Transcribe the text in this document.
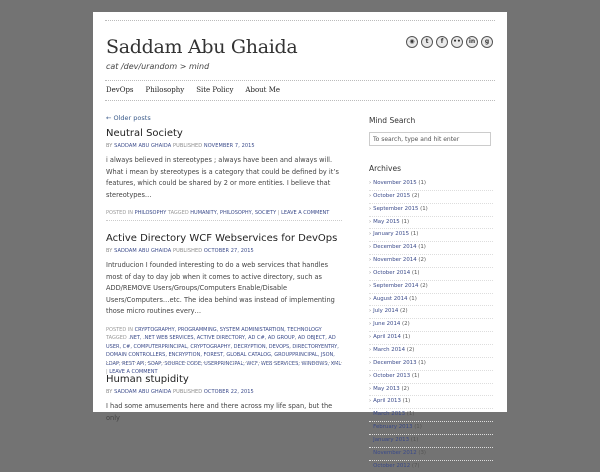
Saddam Abu Ghaida
cat /dev/urandom > mind
◉	t	f	••	in	g
DevOps Philosophy Site Policy About Me
← Older posts
Neutral Society
BY SADDAM ABU GHAIDA PUBLISHED NOVEMBER 7, 2015

i always believed in stereotypes ; always have been and always will. What i mean by stereotypes is a category that could be defined by it’s features, which could be shared by 2 or more entities. I believe that stereotypes…

POSTED IN PHILOSOPHY TAGGED HUMANITY, PHILOSOPHY, SOCIETY | LEAVE A COMMENT
Active Directory WCF Webservices for DevOps
BY SADDAM ABU GHAIDA PUBLISHED OCTOBER 27, 2015

Intruducion I founded interesting to do a web services that handles most of day to day job when it comes to active directory, such as ADD/REMOVE Users/Groups/Computers Enable/Disable Users/Computers…etc. The idea behind was instead of implementing those micro routines every…

POSTED IN CRYPTOGRAPHY, PROGRAMMING, SYSTEM ADMINISTARTION, TECHNOLOGY TAGGED .NET, .NET WEB SERVICES, ACTIVE DIRECTORY, AD C#, AD GROUP, AD OBJECT, AD USER, C#, COMPUTERPRINCIPAL, CRYPTOGRAPHY, DECRYPTION, DEVOPS, DIRECTORYENTRY, DOMAIN CONTROLLERS, ENCRYPTION, FOREST, GLOBAL CATALOG, GROUPPRINCIPAL, JSON, LDAP, REST API, SOAP, SOURCE CODE, USERPRINCIPAL, WCF, WEB SERVICES, WINDOWS, XML | LEAVE A COMMENT
Human stupidity
BY SADDAM ABU GHAIDA PUBLISHED OCTOBER 22, 2015

I had some amusements here and there across my life span, but the only

Mind Search
To search, type and hit enter
Archives
› November 2015 (1)
› October 2015 (2)
› September 2015 (1)
› May 2015 (1)
› January 2015 (1)
› December 2014 (1)
› November 2014 (2)
› October 2014 (1)
› September 2014 (2)
› August 2014 (1)
› July 2014 (2)
› June 2014 (2)
› April 2014 (1)
› March 2014 (2)
› December 2013 (1)
› October 2013 (1)
› May 2013 (2)
› April 2013 (1)
› March 2013 (1)
› February 2013 (1)
› January 2013 (1)
› November 2012 (3)
› October 2012 (7)
